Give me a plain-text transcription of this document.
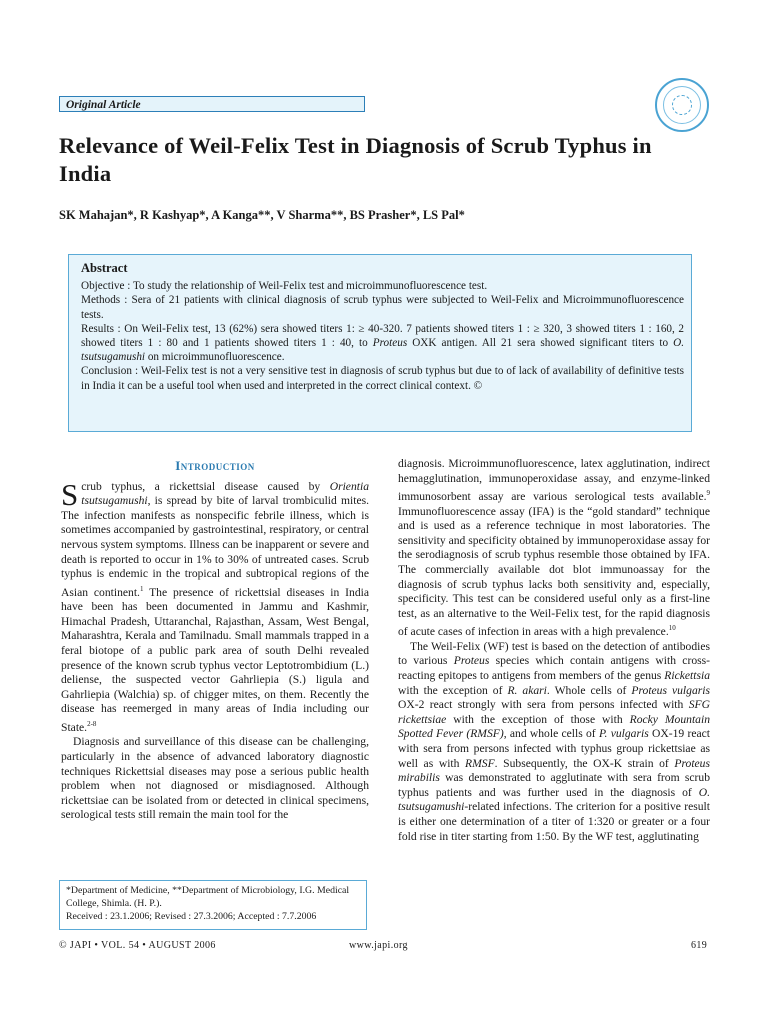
Original Article
Relevance of Weil-Felix Test in Diagnosis of Scrub Typhus in India

SK Mahajan*, R Kashyap*, A Kanga**, V Sharma**, BS Prasher*, LS Pal*

Abstract

Objective : To study the relationship of Weil-Felix test and microimmunofluorescence test.

Methods : Sera of 21 patients with clinical diagnosis of scrub typhus were subjected to Weil-Felix and Microimmunofluorescence tests.

Results : On Weil-Felix test, 13 (62%) sera showed titers 1: ≥ 40-320. 7 patients showed titers 1 : ≥ 320, 3 showed titers 1 : 160, 2 showed titers 1 : 80 and 1 patients showed titers 1 : 40, to Proteus OXK antigen. All 21 sera showed significant titers to O. tsutsugamushi on microimmunofluorescence.

Conclusion : Weil-Felix test is not a very sensitive test in diagnosis of scrub typhus but due to of lack of availability of definitive tests in India it can be a useful tool when used and interpreted in the correct clinical context. ©

Introduction

Scrub typhus, a rickettsial disease caused by Orientia tsutsugamushi, is spread by bite of larval trombiculid mites. The infection manifests as nonspecific febrile illness, which is sometimes accompanied by gastrointestinal, respiratory, or central nervous system symptoms. Illness can be inapparent or severe and death is reported to occur in 1% to 30% of untreated cases. Scrub typhus is endemic in the tropical and subtropical regions of the Asian continent.$^1$ The presence of rickettsial diseases in India have been has been documented in Jammu and Kashmir, Himachal Pradesh, Uttaranchal, Rajasthan, Assam, West Bengal, Maharashtra, Kerala and Tamilnadu. Small mammals trapped in a feral biotope of a public park area of south Delhi revealed presence of the known scrub typhus vector Leptotrombidium (L.) deliense, the suspected vector Gahrliepia (S.) ligula and Gahrliepia (Walchia) sp. of chigger mites, on them. Recently the disease has reemerged in many areas of India including our State.$^{2-8}$

Diagnosis and surveillance of this disease can be challenging, particularly in the absence of advanced laboratory diagnostic techniques Rickettsial diseases may pose a serious public health problem when not diagnosed or misdiagnosed. Although rickettsiae can be isolated from or detected in clinical specimens, serological tests still remain the main tool for the

diagnosis. Microimmunofluorescence, latex agglutination, indirect hemagglutination, immunoperoxidase assay, and enzyme-linked immunosorbent assay are various serological tests available.$^9$ Immunofluorescence assay (IFA) is the “gold standard” technique and is used as a reference technique in most laboratories. The sensitivity and specificity obtained by immunoperoxidase assay for the serodiagnosis of scrub typhus resemble those obtained by IFA. The commercially available dot blot immunoassay for the diagnosis of scrub typhus lacks both sensitivity and, especially, specificity. This test can be considered useful only as a first-line test, as an alternative to the Weil-Felix test, for the rapid diagnosis of acute cases of infection in areas with a high prevalence.$^{10}$

The Weil-Felix (WF) test is based on the detection of antibodies to various Proteus species which contain antigens with cross-reacting epitopes to antigens from members of the genus Rickettsia with the exception of R. akari. Whole cells of Proteus vulgaris OX-2 react strongly with sera from persons infected with SFG rickettsiae with the exception of those with Rocky Mountain Spotted Fever (RMSF), and whole cells of P. vulgaris OX-19 react with sera from persons infected with typhus group rickettsiae as well as with RMSF. Subsequently, the OX-K strain of Proteus mirabilis was demonstrated to agglutinate with sera from scrub typhus patients and was further used in the diagnosis of O. tsutsugamushi-related infections. The criterion for a positive result is either one determination of a titer of 1:320 or greater or a four fold rise in titer starting from 1:50. By the WF test, agglutinating

*Department of Medicine, **Department of Microbiology, I.G. Medical College, Shimla. (H. P.).

Received : 23.1.2006; Revised : 27.3.2006; Accepted : 7.7.2006

© JAPI • VOL. 54 • AUGUST 2006	www.japi.org	619
